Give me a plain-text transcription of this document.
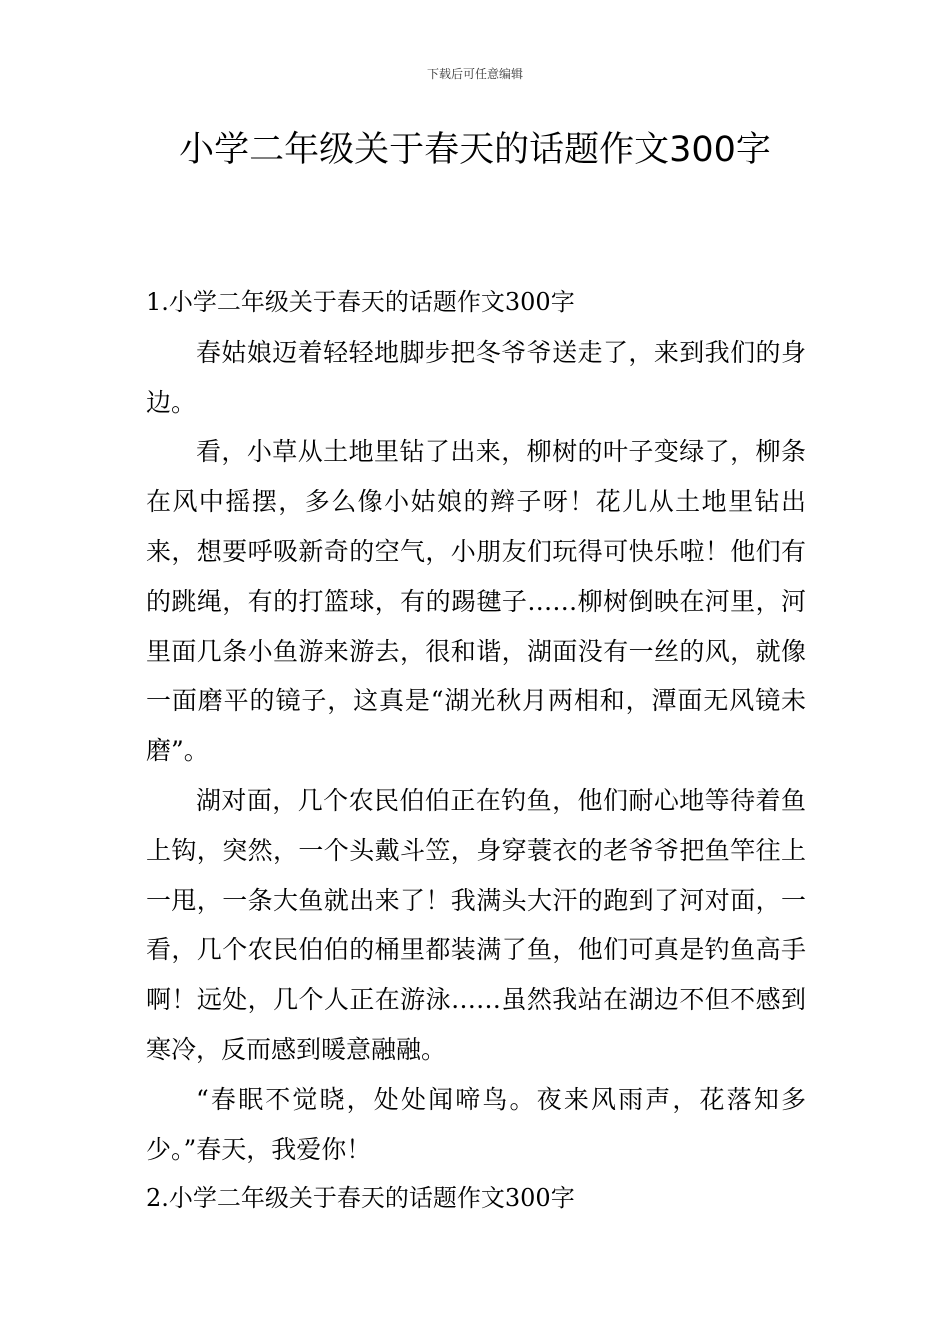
下载后可任意编辑
小学二年级关于春天的话题作文300字

1.小学二年级关于春天的话题作文300字

春姑娘迈着轻轻地脚步把冬爷爷送走了，来到我们的身边。

看，小草从土地里钻了出来，柳树的叶子变绿了，柳条在风中摇摆，多么像小姑娘的辫子呀！花儿从土地里钻出来，想要呼吸新奇的空气，小朋友们玩得可快乐啦！他们有的跳绳，有的打篮球，有的踢毽子……柳树倒映在河里，河里面几条小鱼游来游去，很和谐，湖面没有一丝的风，就像一面磨平的镜子，这真是“湖光秋月两相和，潭面无风镜未磨”。

湖对面，几个农民伯伯正在钓鱼，他们耐心地等待着鱼上钩，突然，一个头戴斗笠，身穿蓑衣的老爷爷把鱼竿往上一甩，一条大鱼就出来了！我满头大汗的跑到了河对面，一看，几个农民伯伯的桶里都装满了鱼，他们可真是钓鱼高手啊！远处，几个人正在游泳……虽然我站在湖边不但不感到寒冷，反而感到暖意融融。

“春眠不觉晓，处处闻啼鸟。夜来风雨声，花落知多少。”春天，我爱你！

2.小学二年级关于春天的话题作文300字
